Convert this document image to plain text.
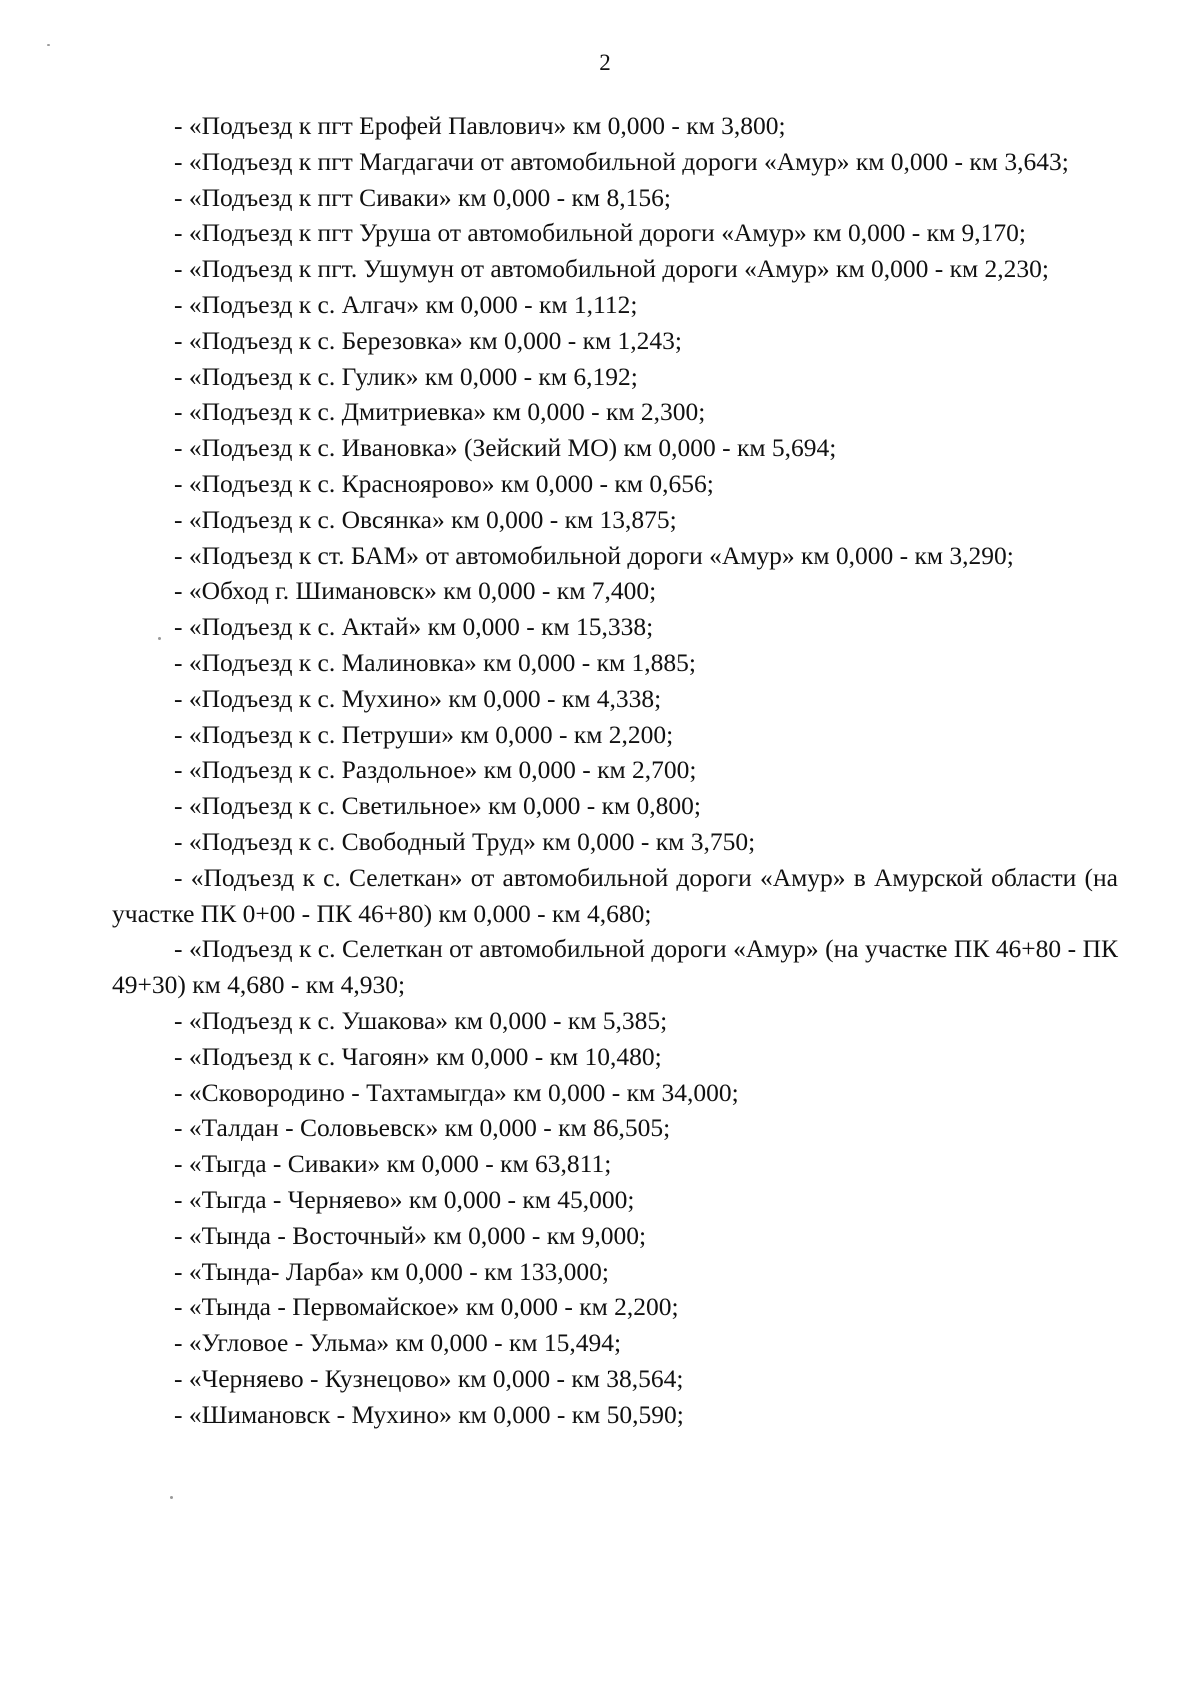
2

- «Подъезд к пгт Ерофей Павлович» км 0,000 - км 3,800;

- «Подъезд к пгт Магдагачи от автомобильной дороги «Амур» км 0,000 - км 3,643;

- «Подъезд к пгт Сиваки» км 0,000 - км 8,156;

- «Подъезд к пгт Уруша от автомобильной дороги «Амур» км 0,000 - км 9,170;

- «Подъезд к пгт. Ушумун от автомобильной дороги «Амур» км 0,000 - км 2,230;

- «Подъезд к с. Алгач» км 0,000 - км 1,112;

- «Подъезд к с. Березовка» км 0,000 - км 1,243;

- «Подъезд к с. Гулик» км 0,000 - км 6,192;

- «Подъезд к с. Дмитриевка» км 0,000 - км 2,300;

- «Подъезд к с. Ивановка» (Зейский МО) км 0,000 - км 5,694;

- «Подъезд к с. Красноярово» км 0,000 - км 0,656;

- «Подъезд к с. Овсянка» км 0,000 - км 13,875;

- «Подъезд к ст. БАМ» от автомобильной дороги «Амур» км 0,000 - км 3,290;

- «Обход г. Шимановск» км 0,000 - км 7,400;

- «Подъезд к с. Актай» км 0,000 - км 15,338;

- «Подъезд к с. Малиновка» км 0,000 - км 1,885;

- «Подъезд к с. Мухино» км 0,000 - км 4,338;

- «Подъезд к с. Петруши» км 0,000 - км 2,200;

- «Подъезд к с. Раздольное» км 0,000 - км 2,700;

- «Подъезд к с. Светильное» км 0,000 - км 0,800;

- «Подъезд к с. Свободный Труд» км 0,000 - км 3,750;

- «Подъезд к с. Селеткан» от автомобильной дороги «Амур» в Амурской области (на участке ПК 0+00 - ПК 46+80) км 0,000 - км 4,680;

- «Подъезд к с. Селеткан от автомобильной дороги «Амур» (на участке ПК 46+80 - ПК 49+30) км 4,680 - км 4,930;

- «Подъезд к с. Ушакова» км 0,000 - км 5,385;

- «Подъезд к с. Чагоян» км 0,000 - км 10,480;

- «Сковородино - Тахтамыгда» км 0,000 - км 34,000;

- «Талдан - Соловьевск» км 0,000 - км 86,505;

- «Тыгда - Сиваки» км 0,000 - км 63,811;

- «Тыгда - Черняево» км 0,000 - км 45,000;

- «Тында - Восточный» км 0,000 - км 9,000;

- «Тында- Ларба» км 0,000 - км 133,000;

- «Тында - Первомайское» км 0,000 - км 2,200;

- «Угловое - Ульма» км 0,000 - км 15,494;

- «Черняево - Кузнецово» км 0,000 - км 38,564;

- «Шимановск - Мухино» км 0,000 - км 50,590;
